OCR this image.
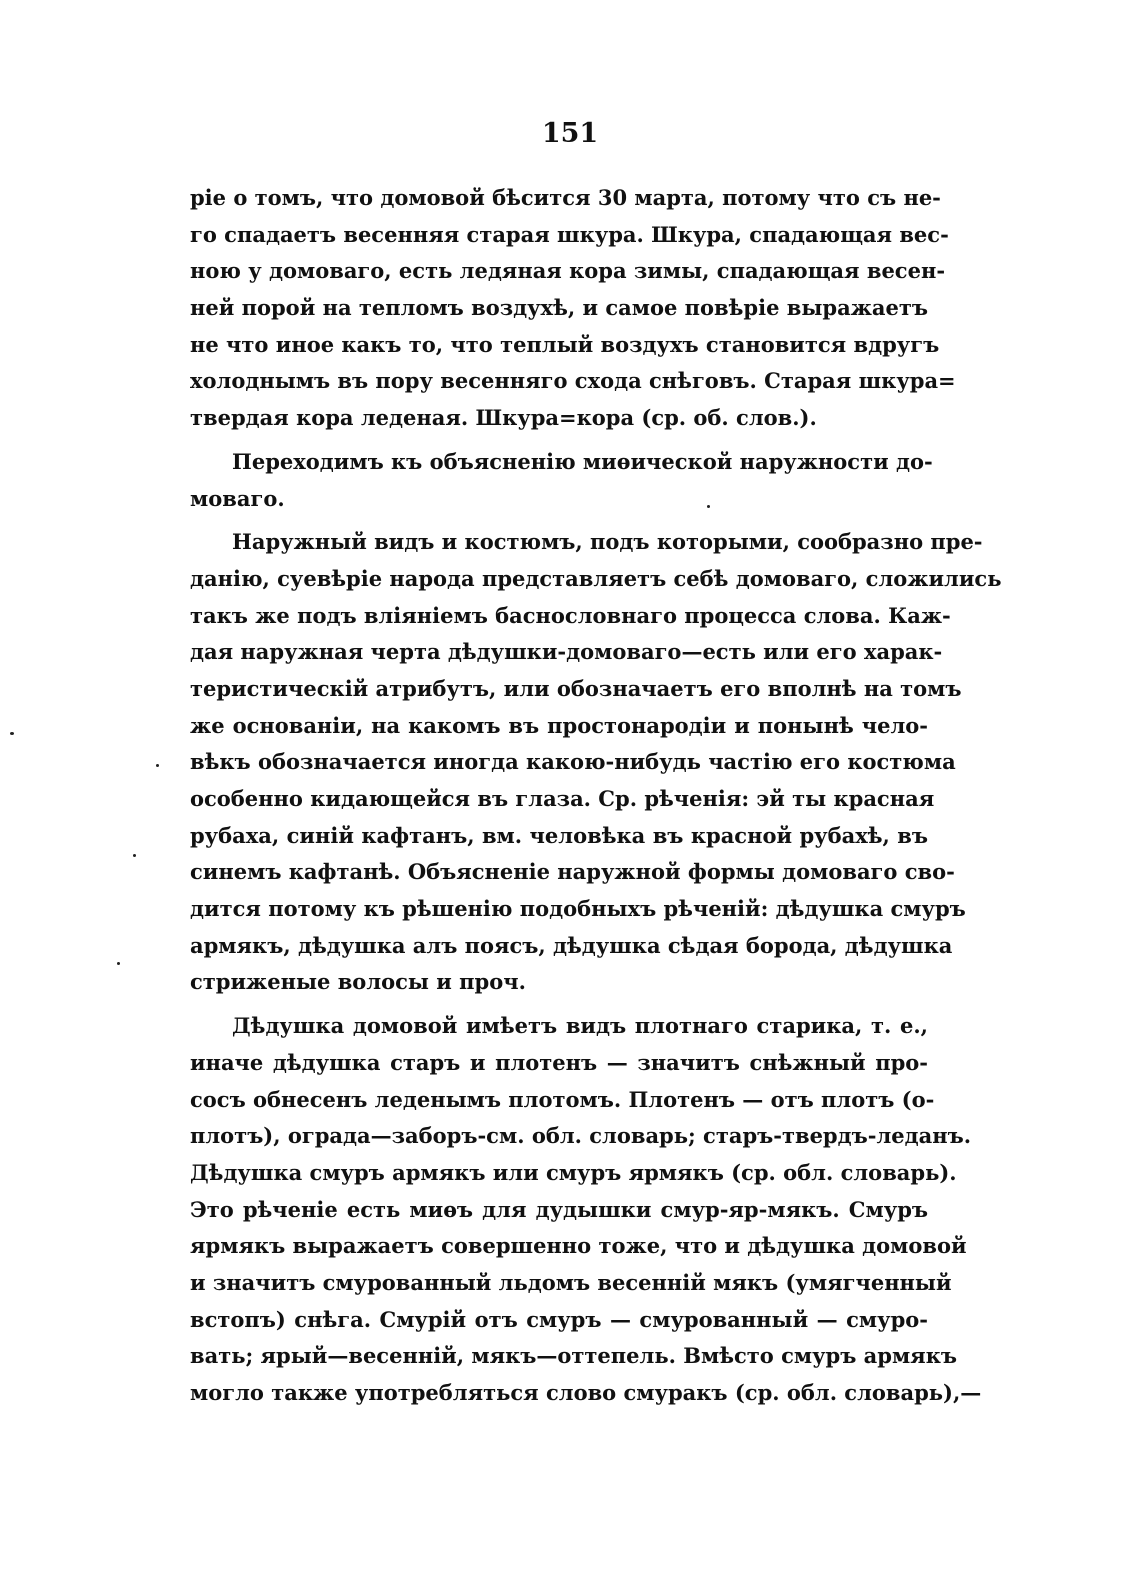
151
ріе о томъ, что домовой бѣсится 30 марта, потому что съ не-
го спадаетъ весенняя старая шкура. Шкура, спадающая вес-
ною у домоваго, есть ледяная кора зимы, спадающая весен-
ней порой на тепломъ воздухѣ, и самое повѣріе выражаетъ
не что иное какъ то, что теплый воздухъ становится вдругъ
холоднымъ въ пору весенняго схода снѣговъ. Старая шкура=
твердая кора леденая. Шкура=кора (ср. об. слов.).
Переходимъ къ объясненію миѳической наружности до-
моваго.
Наружный видъ и костюмъ, подъ которыми, сообразно пре-
данію, суевѣріе народа представляетъ себѣ домоваго, сложились
такъ же подъ вліяніемъ баснословнаго процесса слова. Каж-
дая наружная черта дѣдушки-домоваго—есть или его харак-
теристическій атрибутъ, или обозначаетъ его вполнѣ на томъ
же основаніи, на какомъ въ простонародіи и понынѣ чело-
вѣкъ обозначается иногда какою-нибудь частію его костюма
особенно кидающейся въ глаза. Ср. рѣченія: эй ты красная
рубаха, синій кафтанъ, вм. человѣка въ красной рубахѣ, въ
синемъ кафтанѣ. Объясненіе наружной формы домоваго сво-
дится потому къ рѣшенію подобныхъ рѣченій: дѣдушка смуръ
армякъ, дѣдушка алъ поясъ, дѣдушка сѣдая борода, дѣдушка
стриженые волосы и проч.
Дѣдушка домовой имѣетъ видъ плотнаго старика, т. е.,
иначе дѣдушка старъ и плотенъ — значитъ снѣжный про-
сосъ обнесенъ леденымъ плотомъ. Плотенъ — отъ плотъ (о-
плотъ), ограда—заборъ-см. обл. словарь; старъ-твердъ-леданъ.
Дѣдушка смуръ армякъ или смуръ ярмякъ (ср. обл. словарь).
Это рѣченіе есть миѳъ для дудышки смур-яр-мякъ. Смуръ
ярмякъ выражаетъ совершенно тоже, что и дѣдушка домовой
и значитъ смурованный льдомъ весенній мякъ (умягченный
встопъ) снѣга. Смурій отъ смуръ — смурованный — смуро-
вать; ярый—весенній, мякъ—оттепель. Вмѣсто смуръ армякъ
могло также употребляться слово смуракъ (ср. обл. словарь),—
